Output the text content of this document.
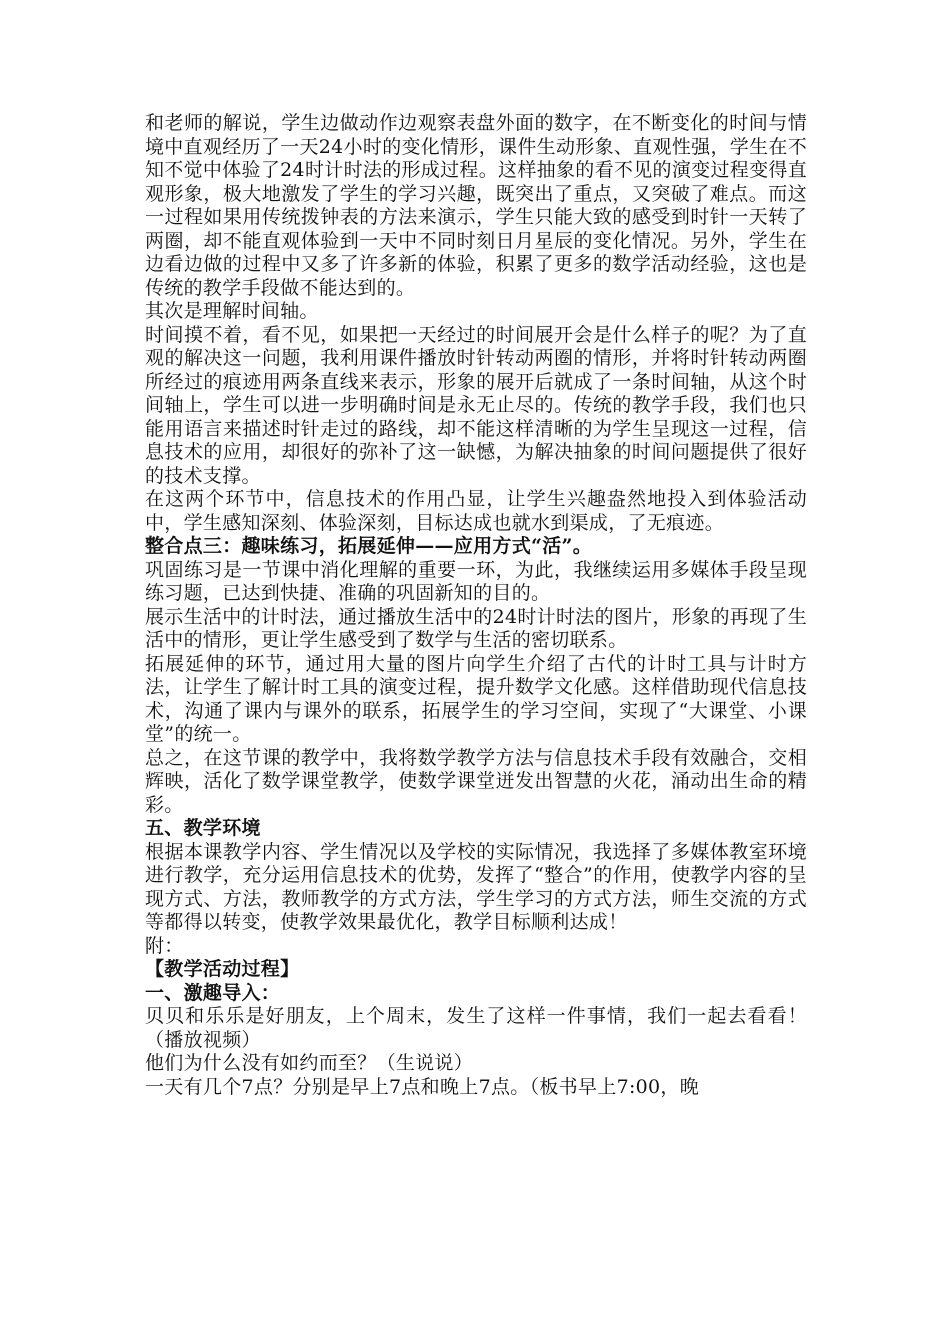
和老师的解说，学生边做动作边观察表盘外面的数字，在不断变化的时间与情境中直观经历了一天24小时的变化情形，课件生动形象、直观性强，学生在不知不觉中体验了24时计时法的形成过程。这样抽象的看不见的演变过程变得直观形象，极大地激发了学生的学习兴趣，既突出了重点，又突破了难点。而这一过程如果用传统拨钟表的方法来演示，学生只能大致的感受到时针一天转了两圈，却不能直观体验到一天中不同时刻日月星辰的变化情况。另外，学生在边看边做的过程中又多了许多新的体验，积累了更多的数学活动经验，这也是传统的教学手段做不能达到的。

其次是理解时间轴。

时间摸不着，看不见，如果把一天经过的时间展开会是什么样子的呢？为了直观的解决这一问题，我利用课件播放时针转动两圈的情形，并将时针转动两圈所经过的痕迹用两条直线来表示，形象的展开后就成了一条时间轴，从这个时间轴上，学生可以进一步明确时间是永无止尽的。传统的教学手段，我们也只能用语言来描述时针走过的路线，却不能这样清晰的为学生呈现这一过程，信息技术的应用，却很好的弥补了这一缺憾，为解决抽象的时间问题提供了很好的技术支撑。

在这两个环节中，信息技术的作用凸显，让学生兴趣盎然地投入到体验活动中，学生感知深刻、体验深刻，目标达成也就水到渠成，了无痕迹。

整合点三：趣味练习，拓展延伸——应用方式“活”。

巩固练习是一节课中消化理解的重要一环，为此，我继续运用多媒体手段呈现练习题，已达到快捷、准确的巩固新知的目的。

展示生活中的计时法，通过播放生活中的24时计时法的图片，形象的再现了生活中的情形，更让学生感受到了数学与生活的密切联系。

拓展延伸的环节，通过用大量的图片向学生介绍了古代的计时工具与计时方法，让学生了解计时工具的演变过程，提升数学文化感。这样借助现代信息技术，沟通了课内与课外的联系，拓展学生的学习空间，实现了“大课堂、小课堂”的统一。

总之，在这节课的教学中，我将数学教学方法与信息技术手段有效融合，交相辉映，活化了数学课堂教学，使数学课堂迸发出智慧的火花，涌动出生命的精彩。

五、教学环境

根据本课教学内容、学生情况以及学校的实际情况，我选择了多媒体教室环境进行教学，充分运用信息技术的优势，发挥了“整合”的作用，使教学内容的呈现方式、方法，教师教学的方式方法，学生学习的方式方法，师生交流的方式等都得以转变，使教学效果最优化，教学目标顺利达成！

附：

【教学活动过程】

一、激趣导入：

贝贝和乐乐是好朋友，上个周末，发生了这样一件事情，我们一起去看看！（播放视频）

他们为什么没有如约而至？（生说说）

一天有几个7点？分别是早上7点和晚上7点。（板书早上7:00，晚
